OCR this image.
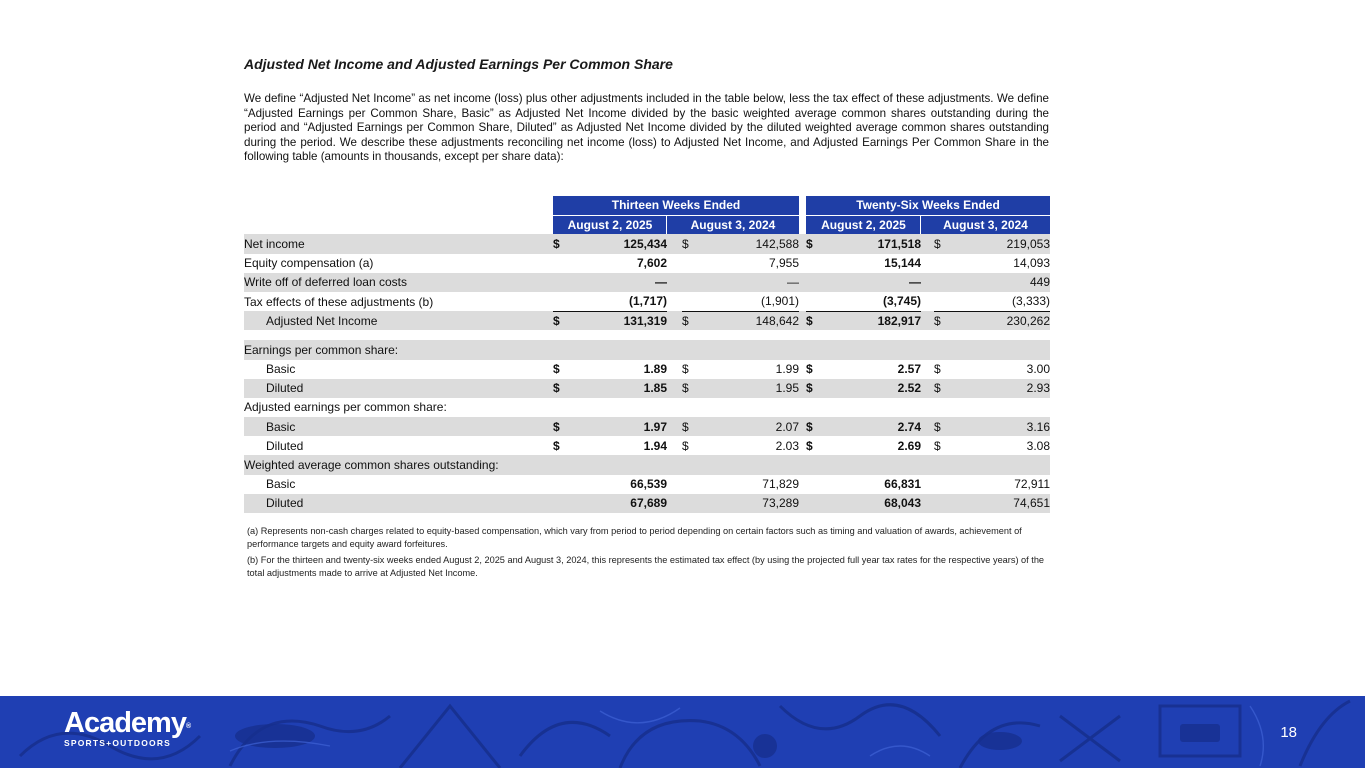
Adjusted Net Income and Adjusted Earnings Per Common Share
We define “Adjusted Net Income” as net income (loss) plus other adjustments included in the table below, less the tax effect of these adjustments. We define “Adjusted Earnings per Common Share, Basic” as Adjusted Net Income divided by the basic weighted average common shares outstanding during the period and “Adjusted Earnings per Common Share, Diluted” as Adjusted Net Income divided by the diluted weighted average common shares outstanding during the period. We describe these adjustments reconciling net income (loss) to Adjusted Net Income, and Adjusted Earnings Per Common Share in the following table (amounts in thousands, except per share data):
		Thirteen Weeks Ended						Twenty-Six Weeks Ended				
		August 2, 2025		August 3, 2024				August 2, 2025		August 3, 2024		
Net income		$	125,434		$	142,588		$	171,518		$	219,053
Equity compensation (a)			7,602			7,955			15,144			14,093
Write off of deferred loan costs			—			—			—			449
Tax effects of these adjustments (b)			(1,717)			(1,901)			(3,745)			(3,333)
Adjusted Net Income		$	131,319		$	148,642		$	182,917		$	230,262

Earnings per common share:												
Basic		$	1.89		$	1.99		$	2.57		$	3.00
Diluted		$	1.85		$	1.95		$	2.52		$	2.93
Adjusted earnings per common share:												
Basic		$	1.97		$	2.07		$	2.74		$	3.16
Diluted		$	1.94		$	2.03		$	2.69		$	3.08
Weighted average common shares outstanding:												
Basic			66,539			71,829			66,831			72,911
Diluted			67,689			73,289			68,043			74,651

(a) Represents non-cash charges related to equity-based compensation, which vary from period to period depending on certain factors such as timing and valuation of awards, achievement of performance targets and equity award forfeitures.

(b) For the thirteen and twenty-six weeks ended August 2, 2025 and August 3, 2024, this represents the estimated tax effect (by using the projected full year tax rates for the respective years) of the total adjustments made to arrive at Adjusted Net Income.

Academy®
SPORTS+OUTDOORS
18
